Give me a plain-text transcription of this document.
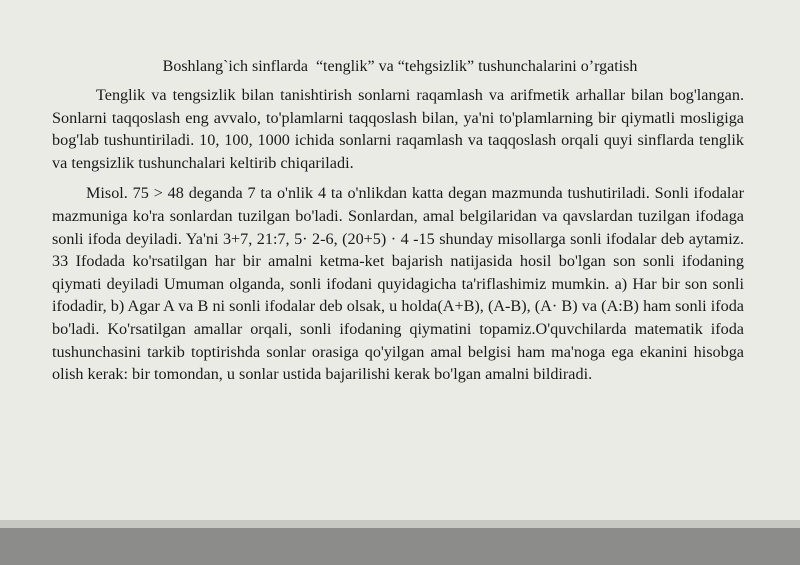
Boshlang`ich sinflarda  “tenglik” va “tehgsizlik” tushunchalarini o’rgatish

Tenglik va tengsizlik bilan tanishtirish sonlarni raqamlash va arifmetik arhallar bilan bog'langan. Sonlarni taqqoslash eng avvalo, to'plamlarni taqqoslash bilan, ya'ni to'plamlarning bir qiymatli mosligiga bog'lab tushuntiriladi. 10, 100, 1000 ichida sonlarni raqamlash va taqqoslash orqali quyi sinflarda tenglik va tengsizlik tushunchalari keltirib chiqariladi.

Misol. 75 > 48 deganda 7 ta o'nlik 4 ta o'nlikdan katta degan mazmunda tushutiriladi. Sonli ifodalar mazmuniga ko'ra sonlardan tuzilgan bo'ladi. Sonlardan, amal belgilaridan va qavslardan tuzilgan ifodaga sonli ifoda deyiladi. Ya'ni 3+7, 21:7, 5· 2-6, (20+5) · 4 -15 shunday misollarga sonli ifodalar deb aytamiz. 33 Ifodada ko'rsatilgan har bir amalni ketma-ket bajarish natijasida hosil bo'lgan son sonli ifodaning qiymati deyiladi Umuman olganda, sonli ifodani quyidagicha ta'riflashimiz mumkin. a) Har bir son sonli ifodadir, b) Agar A va B ni sonli ifodalar deb olsak, u holda(A+B), (A-B), (A· B) va (A:B) ham sonli ifoda bo'ladi. Ko'rsatilgan amallar orqali, sonli ifodaning qiymatini topamiz.O'quvchilarda matematik ifoda tushunchasini tarkib toptirishda sonlar orasiga qo'yilgan amal belgisi ham ma'noga ega ekanini hisobga olish kerak: bir tomondan, u sonlar ustida bajarilishi kerak bo'lgan amalni bildiradi.
